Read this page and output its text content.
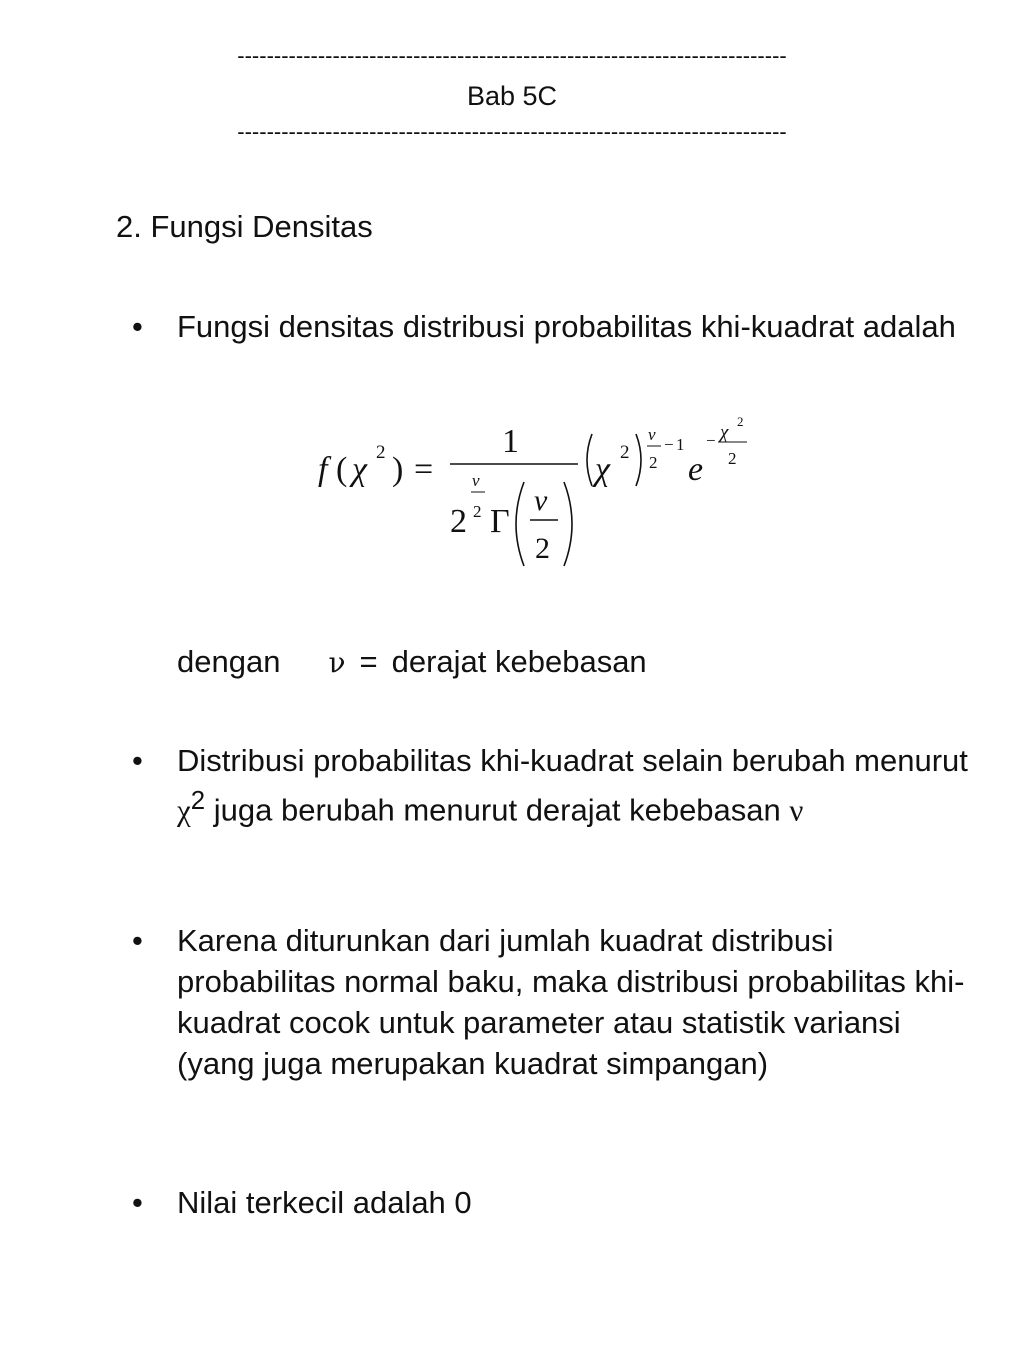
---------------------------------------------------------------------------
Bab 5C
---------------------------------------------------------------------------
2. Fungsi Densitas
•	Fungsi densitas distribusi probabilitas khi-kuadrat adalah
f ( χ 2 ) =
1
2
ν
2 Γ
ν
2
χ 2
ν
2
− 1
e
− χ
2
2
dengan ν = derajat kebebasan
•	Distribusi probabilitas khi-kuadrat selain berubah menurut $\chi^2$ juga berubah menurut derajat kebebasan ν
•	Karena diturunkan dari jumlah kuadrat distribusi probabilitas normal baku, maka distribusi probabilitas khi-kuadrat cocok untuk parameter atau statistik variansi (yang juga merupakan kuadrat simpangan)
•	Nilai terkecil adalah 0
